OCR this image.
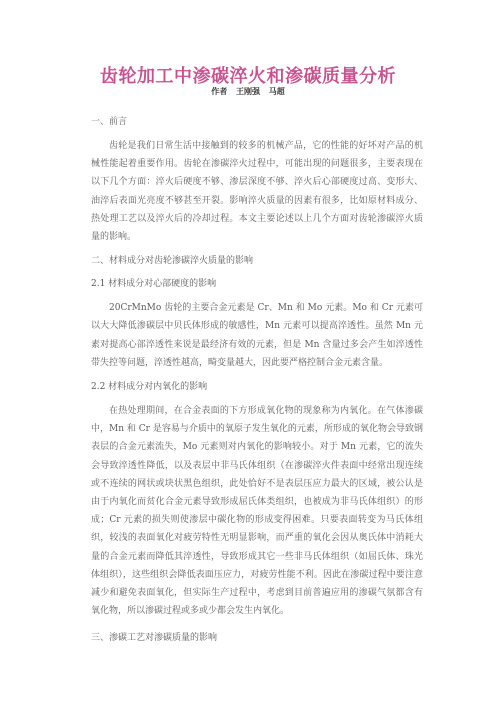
齿轮加工中渗碳淬火和渗碳质量分析
作者 王刚强 马超
一、前言

齿轮是我们日常生活中接触到的较多的机械产品，它的性能的好坏对产品的机械性能起着重要作用。齿轮在渗碳淬火过程中，可能出现的问题很多，主要表现在以下几个方面：淬火后硬度不够、渗层深度不够、淬火后心部硬度过高、变形大、油淬后表面光亮度不够甚至开裂。影响淬火质量的因素有很多，比如原材料成分、热处理工艺以及淬火后的冷却过程。本文主要论述以上几个方面对齿轮渗碳淬火质量的影响。

二、材料成分对齿轮渗碳淬火质量的影响
2.1 材料成分对心部硬度的影响

20CrMnMo 齿轮的主要合金元素是 Cr、Mn 和 Mo 元素。Mo 和 Cr 元素可以大大降低渗碳层中贝氏体形成的敏感性，Mn 元素可以提高淬透性。虽然 Mn 元素对提高心部淬透性来说是最经济有效的元素，但是 Mn 含量过多会产生如淬透性带失控等问题，淬透性越高，畸变量越大，因此要严格控制合金元素含量。

2.2 材料成分对内氧化的影响

在热处理期间，在合金表面的下方形成氧化物的现象称为内氧化。在气体渗碳中，Mn 和 Cr 是容易与介质中的氧原子发生氧化的元素，所形成的氧化物会导致钢表层的合金元素流失，Mo 元素则对内氧化的影响较小。对于 Mn 元素，它的流失会导致淬透性降低，以及表层中非马氏体组织（在渗碳淬火件表面中经常出现连续或不连续的网状或块状黑色组织，此处恰好不是表层压应力最大的区域，被公认是由于内氧化而贫化合金元素导致形成屈氏体类组织，也被成为非马氏体组织）的形成；Cr 元素的损失则使渗层中碳化物的形成变得困难。只要表面转变为马氏体组织，较浅的表面氧化对疲劳特性无明显影响，而严重的氧化会因从奥氏体中消耗大量的合金元素而降低其淬透性，导致形成其它一些非马氏体组织（如屈氏体、珠光体组织），这些组织会降低表面压应力，对疲劳性能不利。因此在渗碳过程中要注意减少和避免表面氧化，但实际生产过程中，考虑到目前普遍应用的渗碳气氛都含有氧化物，所以渗碳过程或多或少都会发生内氧化。

三、渗碳工艺对渗碳质量的影响
